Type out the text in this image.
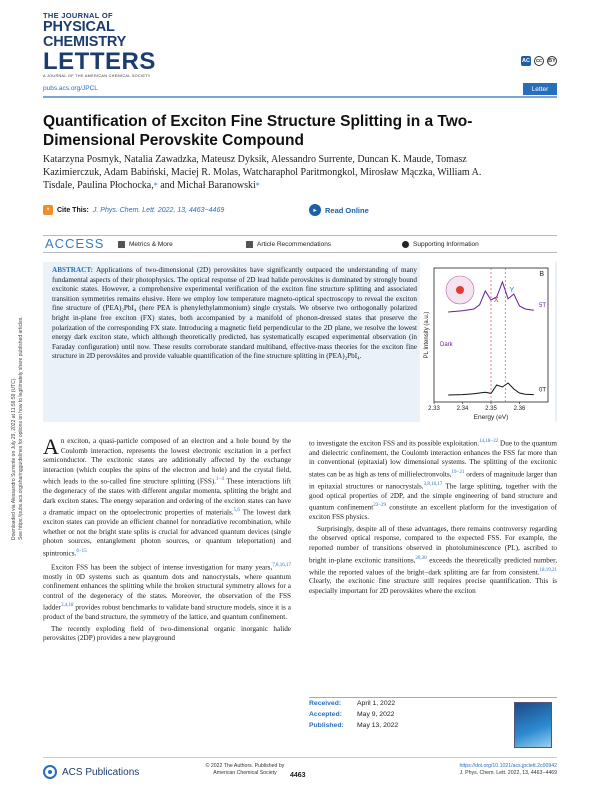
THE JOURNAL OF
PHYSICAL CHEMISTRY
LETTERS
A JOURNAL OF THE AMERICAN CHEMICAL SOCIETY
AC	cc	BY
pubs.acs.org/JPCL	Letter
Quantification of Exciton Fine Structure Splitting in a Two-Dimensional Perovskite Compound
Katarzyna Posmyk, Natalia Zawadzka, Mateusz Dyksik, Alessandro Surrente, Duncan K. Maude, Tomasz Kazimierczuk, Adam Babiński, Maciej R. Molas, Watcharaphol Paritmongkol, Mirosław Mączka, William A. Tisdale, Paulina Płochocka,* and Michał Baranowski*
❝	Cite This: J. Phys. Chem. Lett. 2022, 13, 4463−4469	▸	Read Online
ACCESS	Metrics & More	Article Recommendations	Supporting Information
ABSTRACT: Applications of two-dimensional (2D) perovskites have significantly outpaced the understanding of many fundamental aspects of their photophysics. The optical response of 2D lead halide perovskites is dominated by strongly bound excitonic states. However, a comprehensive experimental verification of the exciton fine structure splitting and associated transition symmetries remains elusive. Here we employ low temperature magneto-optical spectroscopy to reveal the exciton fine structure of (PEA)₂PbI₄ (here PEA is phenylethylammonium) single crystals. We observe two orthogonally polarized bright in-plane free exciton (FX) states, both accompanied by a manifold of phonon-dressed states that preserve the polarization of the corresponding FX state. Introducing a magnetic field perpendicular to the 2D plane, we resolve the lowest energy dark exciton state, which although theoretically predicted, has systematically escaped experimental observation (in Faraday configuration) until now. These results corroborate standard multiband, effective-mass theories for the exciton fine structure in 2D perovskites and provide valuable quantification of the fine structure splitting in (PEA)₂PbI₄.
5T
0T
X
Y
B
Dark
2.33	2.34	2.35	2.36
Energy (eV)
PL Intensity (a.u.)
Downloaded via Alessandro Surrente on July 29, 2022 at 11:59:59 (UTC). See https://pubs.acs.org/sharingguidelines for options on how to legitimately share published articles. An exciton, a quasi-particle composed of an electron and a hole bound by the Coulomb interaction, represents the lowest electronic excitation in a perfect semiconductor. The excitonic states are additionally affected by the exchange interaction (which couples the spins of the electron and hole) and the crystal field, which leads to the so-called fine structure splitting (FSS).$^{1-4}$ These interactions lift the degeneracy of the states with different angular momenta, splitting the bright and dark exciton states. The energy separation and ordering of the exciton states can have a dramatic impact on the optoelectronic properties of materials.$^{5,6}$ The lowest dark exciton states can provide an efficient channel for nonradiative recombination, while whether or not the bright state splits is crucial for advanced quantum devices (single photon sources, entanglement photon sources, or quantum teleportation) and spintronics.$^{6-15}$

Exciton FSS has been the subject of intense investigation for many years,$^{7,8,16,17}$ mostly in 0D systems such as quantum dots and nanocrystals, where quantum confinement enhances the splitting while the broken structural symmetry allows for a control of the degeneracy of the states. Moreover, the observation of the FSS ladder$^{3,4,18}$ provides robust benchmarks to validate band structure models, since it is a product of the band structure, the symmetry of the lattice, and quantum confinement.

The recently exploding field of two-dimensional organic inorganic halide perovskites (2DP) provides a new playground

to investigate the exciton FSS and its possible exploitation.$^{14,18-22}$ Due to the quantum and dielectric confinement, the Coulomb interaction enhances the FSS far more than in conventional (epitaxial) low dimensional systems. The splitting of the excitonic states can be as high as tens of millielectronvolts,$^{19-21}$ orders of magnitude larger than in epitaxial structures or nanocrystals.$^{3,8,16,17}$ The large splitting, together with the good optical properties of 2DP, and the simple engineering of band structure and quantum confinement$^{23-29}$ constitute an excellent platform for the investigation of exciton FSS physics.

Surprisingly, despite all of these advantages, there remains controversy regarding the observed optical response, compared to the expected FSS. For example, the reported number of transitions observed in photoluminescence (PL), ascribed to bright in-plane excitonic transitions,$^{20,30}$ exceeds the theoretically predicted number, while the reported values of the bright−dark splitting are far from consistent.$^{18,19,21}$ Clearly, the excitonic fine structure still requires precise quantification. This is especially important for 2D perovskites where the exciton

Received: April 1, 2022
Accepted: May 9, 2022
Published: May 13, 2022
ACS Publications
© 2022 The Authors. Published by
American Chemical Society	4463
https://doi.org/10.1021/acs.jpclett.2c00942
J. Phys. Chem. Lett. 2022, 13, 4463−4469
